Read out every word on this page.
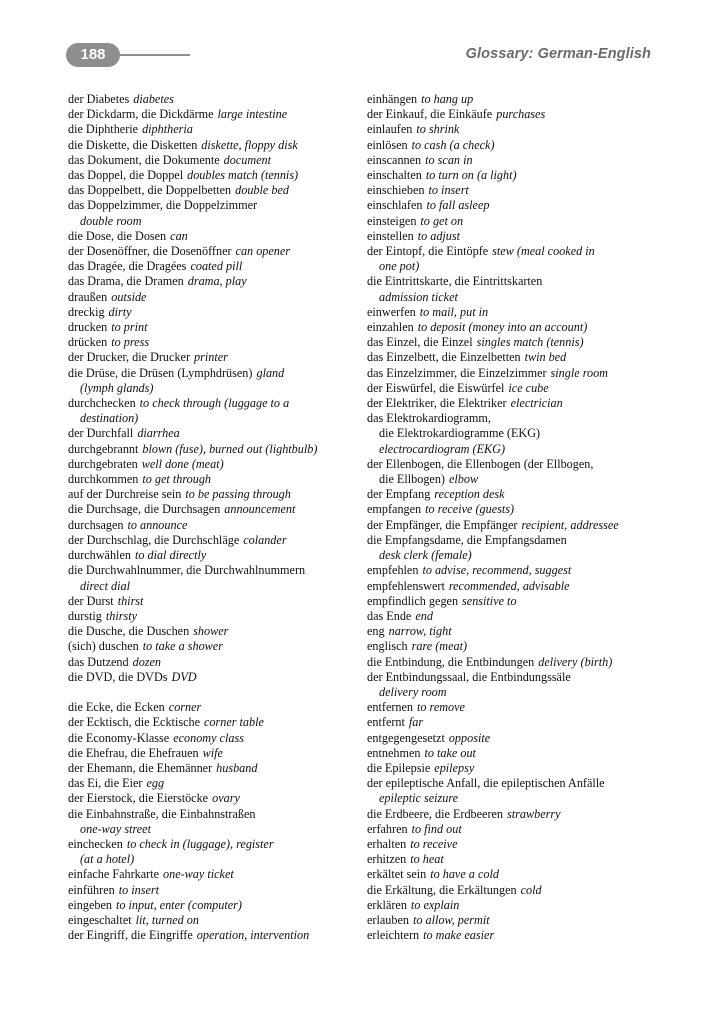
188	Glossary: German-English
der Diabetes diabetes
der Dickdarm, die Dickdärme large intestine
die Diphtherie diphtheria
die Diskette, die Disketten diskette, floppy disk
das Dokument, die Dokumente document
das Doppel, die Doppel doubles match (tennis)
das Doppelbett, die Doppelbetten double bed
das Doppelzimmer, die Doppelzimmer
double room
die Dose, die Dosen can
der Dosenöffner, die Dosenöffner can opener
das Dragée, die Dragées coated pill
das Drama, die Dramen drama, play
draußen outside
dreckig dirty
drucken to print
drücken to press
der Drucker, die Drucker printer
die Drüse, die Drüsen (Lymphdrüsen) gland
(lymph glands)
durchchecken to check through (luggage to a
destination)
der Durchfall diarrhea
durchgebrannt blown (fuse), burned out (lightbulb)
durchgebraten well done (meat)
durchkommen to get through
auf der Durchreise sein to be passing through
die Durchsage, die Durchsagen announcement
durchsagen to announce
der Durchschlag, die Durchschläge colander
durchwählen to dial directly
die Durchwahlnummer, die Durchwahlnummern
direct dial
der Durst thirst
durstig thirsty
die Dusche, die Duschen shower
(sich) duschen to take a shower
das Dutzend dozen
die DVD, die DVDs DVD
die Ecke, die Ecken corner
der Ecktisch, die Ecktische corner table
die Economy-Klasse economy class
die Ehefrau, die Ehefrauen wife
der Ehemann, die Ehemänner husband
das Ei, die Eier egg
der Eierstock, die Eierstöcke ovary
die Einbahnstraße, die Einbahnstraßen
one-way street
einchecken to check in (luggage), register
(at a hotel)
einfache Fahrkarte one-way ticket
einführen to insert
eingeben to input, enter (computer)
eingeschaltet lit, turned on
der Eingriff, die Eingriffe operation, intervention
einhängen to hang up
der Einkauf, die Einkäufe purchases
einlaufen to shrink
einlösen to cash (a check)
einscannen to scan in
einschalten to turn on (a light)
einschieben to insert
einschlafen to fall asleep
einsteigen to get on
einstellen to adjust
der Eintopf, die Eintöpfe stew (meal cooked in
one pot)
die Eintrittskarte, die Eintrittskarten
admission ticket
einwerfen to mail, put in
einzahlen to deposit (money into an account)
das Einzel, die Einzel singles match (tennis)
das Einzelbett, die Einzelbetten twin bed
das Einzelzimmer, die Einzelzimmer single room
der Eiswürfel, die Eiswürfel ice cube
der Elektriker, die Elektriker electrician
das Elektrokardiogramm,
die Elektrokardiogramme (EKG)
electrocardiogram (EKG)
der Ellenbogen, die Ellenbogen (der Ellbogen,
die Ellbogen) elbow
der Empfang reception desk
empfangen to receive (guests)
der Empfänger, die Empfänger recipient, addressee
die Empfangsdame, die Empfangsdamen
desk clerk (female)
empfehlen to advise, recommend, suggest
empfehlenswert recommended, advisable
empfindlich gegen sensitive to
das Ende end
eng narrow, tight
englisch rare (meat)
die Entbindung, die Entbindungen delivery (birth)
der Entbindungssaal, die Entbindungssäle
delivery room
entfernen to remove
entfernt far
entgegengesetzt opposite
entnehmen to take out
die Epilepsie epilepsy
der epileptische Anfall, die epileptischen Anfälle
epileptic seizure
die Erdbeere, die Erdbeeren strawberry
erfahren to find out
erhalten to receive
erhitzen to heat
erkältet sein to have a cold
die Erkältung, die Erkältungen cold
erklären to explain
erlauben to allow, permit
erleichtern to make easier
